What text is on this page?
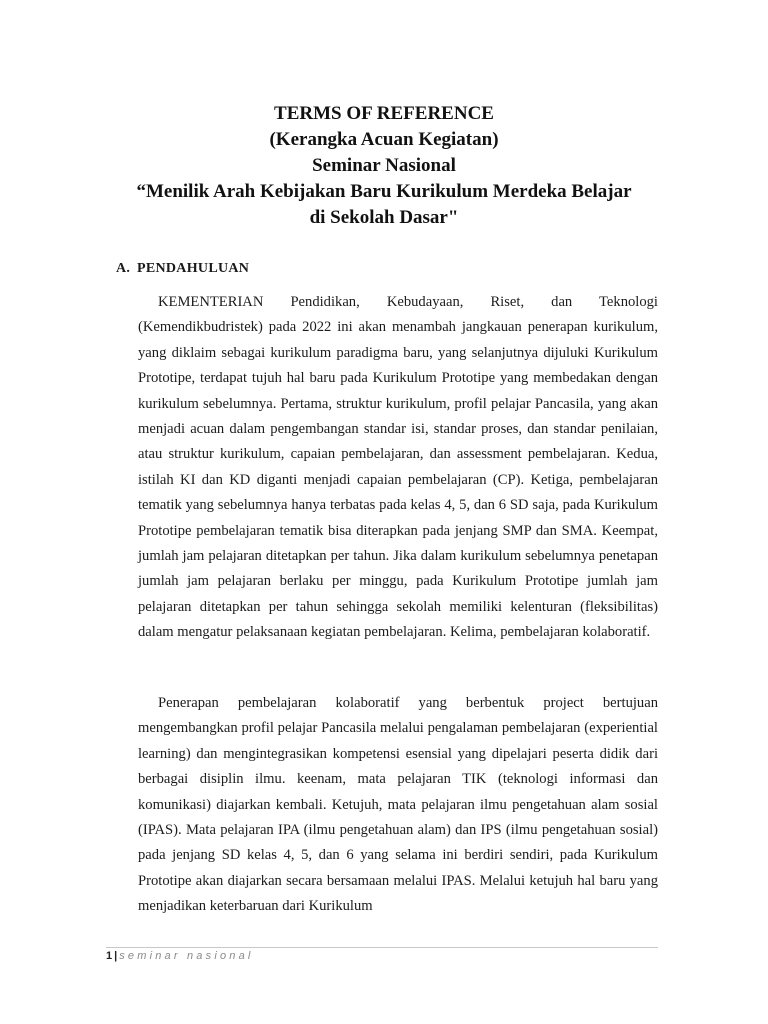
TERMS OF REFERENCE
(Kerangka Acuan Kegiatan)
Seminar Nasional
“Menilik Arah Kebijakan Baru Kurikulum Merdeka Belajar
di Sekolah Dasar"
A. PENDAHULUAN

KEMENTERIAN Pendidikan, Kebudayaan, Riset, dan Teknologi (Kemendikbudristek) pada 2022 ini akan menambah jangkauan penerapan kurikulum, yang diklaim sebagai kurikulum paradigma baru, yang selanjutnya dijuluki Kurikulum Prototipe, terdapat tujuh hal baru pada Kurikulum Prototipe yang membedakan dengan kurikulum sebelumnya. Pertama, struktur kurikulum, profil pelajar Pancasila, yang akan menjadi acuan dalam pengembangan standar isi, standar proses, dan standar penilaian, atau struktur kurikulum, capaian pembelajaran, dan assessment pembelajaran. Kedua, istilah KI dan KD diganti menjadi capaian pembelajaran (CP). Ketiga, pembelajaran tematik yang sebelumnya hanya terbatas pada kelas 4, 5, dan 6 SD saja, pada Kurikulum Prototipe pembelajaran tematik bisa diterapkan pada jenjang SMP dan SMA. Keempat, jumlah jam pelajaran ditetapkan per tahun. Jika dalam kurikulum sebelumnya penetapan jumlah jam pelajaran berlaku per minggu, pada Kurikulum Prototipe jumlah jam pelajaran ditetapkan per tahun sehingga sekolah memiliki kelenturan (fleksibilitas) dalam mengatur pelaksanaan kegiatan pembelajaran. Kelima, pembelajaran kolaboratif.

Penerapan pembelajaran kolaboratif yang berbentuk project bertujuan mengembangkan profil pelajar Pancasila melalui pengalaman pembelajaran (experiential learning) dan mengintegrasikan kompetensi esensial yang dipelajari peserta didik dari berbagai disiplin ilmu. keenam, mata pelajaran TIK (teknologi informasi dan komunikasi) diajarkan kembali. Ketujuh, mata pelajaran ilmu pengetahuan alam sosial (IPAS). Mata pelajaran IPA (ilmu pengetahuan alam) dan IPS (ilmu pengetahuan sosial) pada jenjang SD kelas 4, 5, dan 6 yang selama ini berdiri sendiri, pada Kurikulum Prototipe akan diajarkan secara bersamaan melalui IPAS. Melalui ketujuh hal baru yang menjadikan keterbaruan dari Kurikulum

1 | seminar nasional
